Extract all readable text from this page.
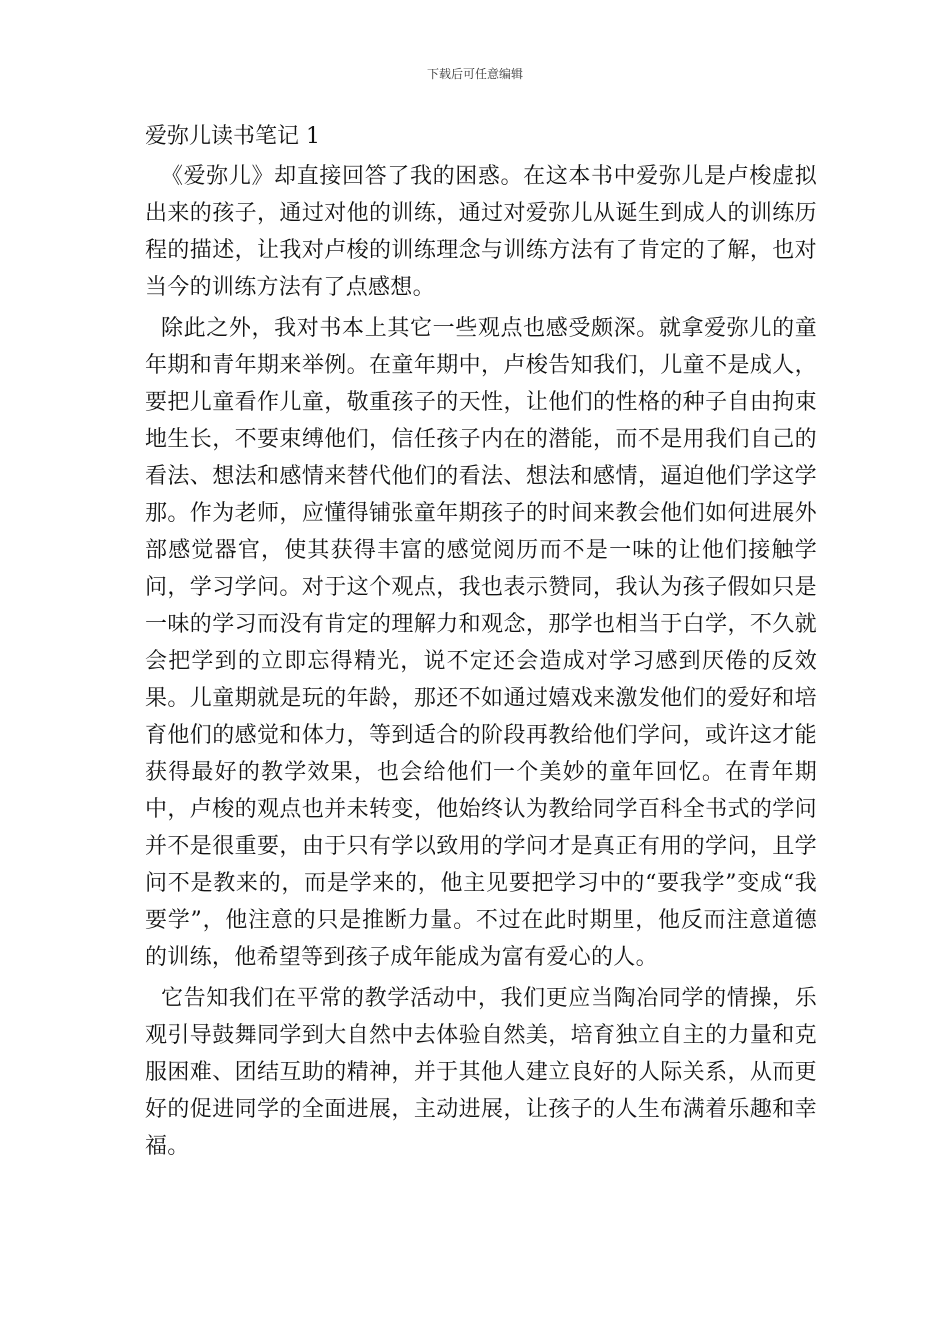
下载后可任意编辑
爱弥儿读书笔记 1

《爱弥儿》却直接回答了我的困惑。在这本书中爱弥儿是卢梭虚拟出来的孩子，通过对他的训练，通过对爱弥儿从诞生到成人的训练历程的描述，让我对卢梭的训练理念与训练方法有了肯定的了解，也对当今的训练方法有了点感想。

除此之外，我对书本上其它一些观点也感受颇深。就拿爱弥儿的童年期和青年期来举例。在童年期中，卢梭告知我们，儿童不是成人，要把儿童看作儿童，敬重孩子的天性，让他们的性格的种子自由拘束地生长，不要束缚他们，信任孩子内在的潜能，而不是用我们自己的看法、想法和感情来替代他们的看法、想法和感情，逼迫他们学这学那。作为老师，应懂得铺张童年期孩子的时间来教会他们如何进展外部感觉器官，使其获得丰富的感觉阅历而不是一味的让他们接触学问，学习学问。对于这个观点，我也表示赞同，我认为孩子假如只是一味的学习而没有肯定的理解力和观念，那学也相当于白学，不久就会把学到的立即忘得精光，说不定还会造成对学习感到厌倦的反效果。儿童期就是玩的年龄，那还不如通过嬉戏来激发他们的爱好和培育他们的感觉和体力，等到适合的阶段再教给他们学问，或许这才能获得最好的教学效果，也会给他们一个美妙的童年回忆。在青年期中，卢梭的观点也并未转变，他始终认为教给同学百科全书式的学问并不是很重要，由于只有学以致用的学问才是真正有用的学问，且学问不是教来的，而是学来的，他主见要把学习中的“要我学”变成“我要学”，他注意的只是推断力量。不过在此时期里，他反而注意道德的训练，他希望等到孩子成年能成为富有爱心的人。

它告知我们在平常的教学活动中，我们更应当陶冶同学的情操，乐观引导鼓舞同学到大自然中去体验自然美，培育独立自主的力量和克服困难、团结互助的精神，并于其他人建立良好的人际关系，从而更好的促进同学的全面进展，主动进展，让孩子的人生布满着乐趣和幸福。
